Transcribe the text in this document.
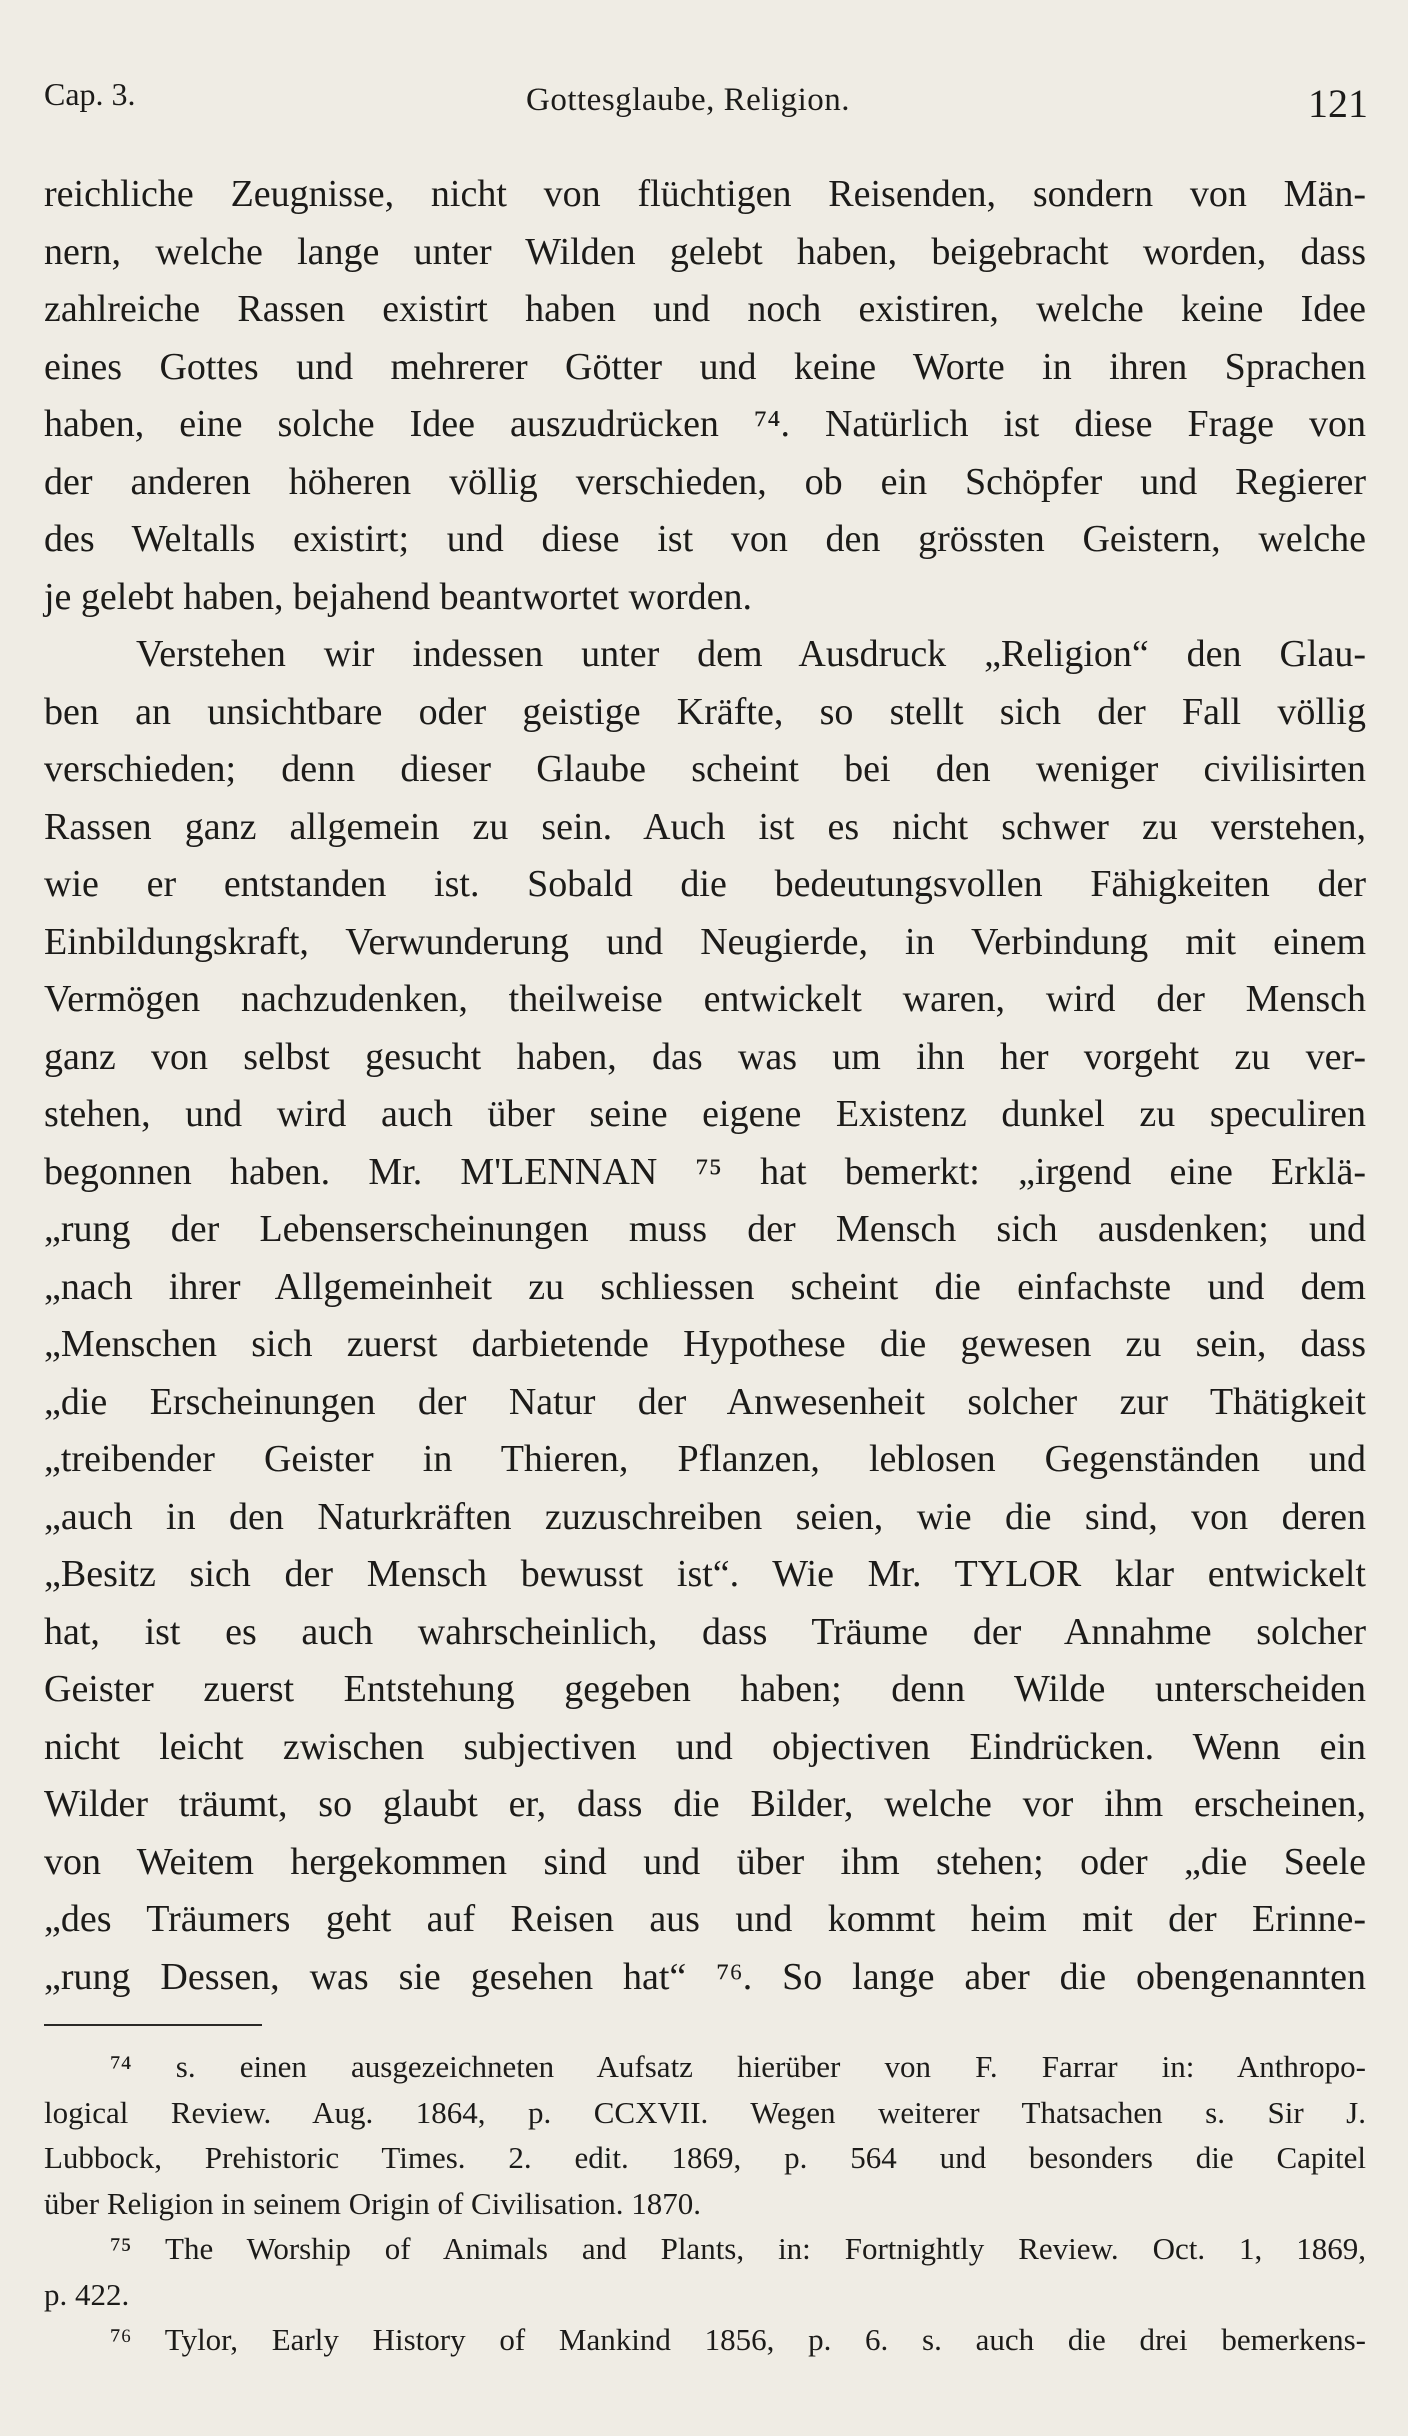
Cap. 3.	Gottesglaube, Religion.	121
reichliche Zeugnisse, nicht von flüchtigen Reisenden, sondern von Män-
nern, welche lange unter Wilden gelebt haben, beigebracht worden, dass
zahlreiche Rassen existirt haben und noch existiren, welche keine Idee
eines Gottes und mehrerer Götter und keine Worte in ihren Sprachen
haben, eine solche Idee auszudrücken ⁷⁴. Natürlich ist diese Frage von
der anderen höheren völlig verschieden, ob ein Schöpfer und Regierer
des Weltalls existirt; und diese ist von den grössten Geistern, welche
je gelebt haben, bejahend beantwortet worden.
Verstehen wir indessen unter dem Ausdruck „Religion“ den Glau-
ben an unsichtbare oder geistige Kräfte, so stellt sich der Fall völlig
verschieden; denn dieser Glaube scheint bei den weniger civilisirten
Rassen ganz allgemein zu sein. Auch ist es nicht schwer zu verstehen,
wie er entstanden ist. Sobald die bedeutungsvollen Fähigkeiten der
Einbildungskraft, Verwunderung und Neugierde, in Verbindung mit einem
Vermögen nachzudenken, theilweise entwickelt waren, wird der Mensch
ganz von selbst gesucht haben, das was um ihn her vorgeht zu ver-
stehen, und wird auch über seine eigene Existenz dunkel zu speculiren
begonnen haben. Mr. M'LENNAN ⁷⁵ hat bemerkt: „irgend eine Erklä-
„rung der Lebenserscheinungen muss der Mensch sich ausdenken; und
„nach ihrer Allgemeinheit zu schliessen scheint die einfachste und dem
„Menschen sich zuerst darbietende Hypothese die gewesen zu sein, dass
„die Erscheinungen der Natur der Anwesenheit solcher zur Thätigkeit
„treibender Geister in Thieren, Pflanzen, leblosen Gegenständen und
„auch in den Naturkräften zuzuschreiben seien, wie die sind, von deren
„Besitz sich der Mensch bewusst ist“. Wie Mr. TYLOR klar entwickelt
hat, ist es auch wahrscheinlich, dass Träume der Annahme solcher
Geister zuerst Entstehung gegeben haben; denn Wilde unterscheiden
nicht leicht zwischen subjectiven und objectiven Eindrücken. Wenn ein
Wilder träumt, so glaubt er, dass die Bilder, welche vor ihm erscheinen,
von Weitem hergekommen sind und über ihm stehen; oder „die Seele
„des Träumers geht auf Reisen aus und kommt heim mit der Erinne-
„rung Dessen, was sie gesehen hat“ ⁷⁶. So lange aber die obengenannten
⁷⁴ s. einen ausgezeichneten Aufsatz hierüber von F. Farrar in: Anthropo-
logical Review. Aug. 1864, p. CCXVII. Wegen weiterer Thatsachen s. Sir J.
Lubbock, Prehistoric Times. 2. edit. 1869, p. 564 und besonders die Capitel
über Religion in seinem Origin of Civilisation. 1870.
⁷⁵ The Worship of Animals and Plants, in: Fortnightly Review. Oct. 1, 1869,
p. 422.
⁷⁶ Tylor, Early History of Mankind 1856, p. 6. s. auch die drei bemerkens-
